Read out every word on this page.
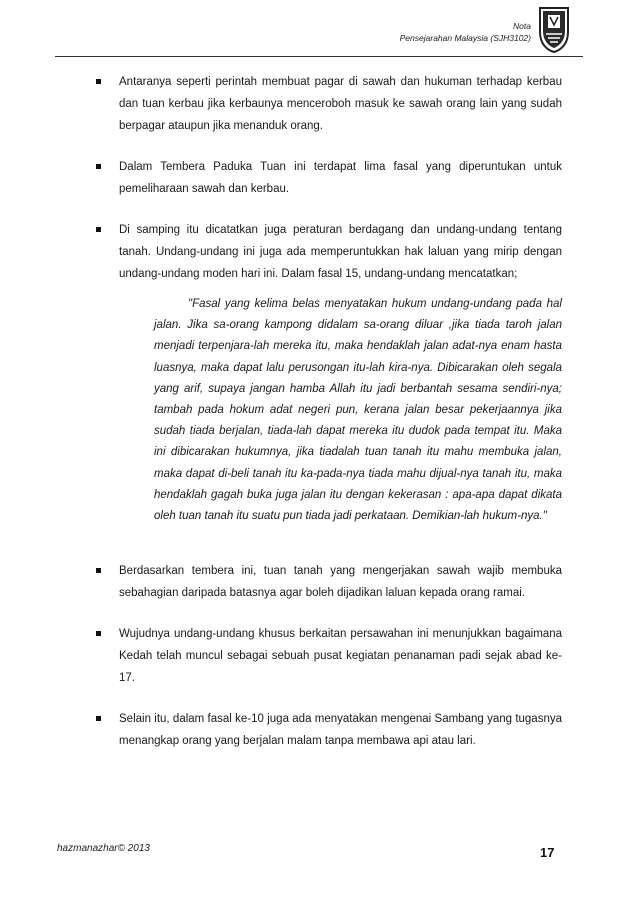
Nota
Pensejarahan Malaysia (SJH3102)
Antaranya seperti perintah membuat pagar di sawah dan hukuman terhadap kerbau dan tuan kerbau jika kerbaunya menceroboh masuk ke sawah orang lain yang sudah berpagar ataupun jika menanduk orang.
Dalam Tembera Paduka Tuan ini terdapat lima fasal yang diperuntukan untuk pemeliharaan sawah dan kerbau.
Di samping itu dicatatkan juga peraturan berdagang dan undang-undang tentang tanah. Undang-undang ini juga ada memperuntukkan hak laluan yang mirip dengan undang-undang moden hari ini. Dalam fasal 15, undang-undang mencatatkan;
"Fasal yang kelima belas menyatakan hukum undang-undang pada hal jalan. Jika sa-orang kampong didalam sa-orang diluar ,jika tiada taroh jalan menjadi terpenjara-lah mereka itu, maka hendaklah jalan adat-nya enam hasta luasnya, maka dapat lalu perusongan itu-lah kira-nya. Dibicarakan oleh segala yang arif, supaya jangan hamba Allah itu jadi berbantah sesama sendiri-nya; tambah pada hokum adat negeri pun, kerana jalan besar pekerjaannya jika sudah tiada berjalan, tiada-lah dapat mereka itu dudok pada tempat itu. Maka ini dibicarakan hukumnya, jika tiadalah tuan tanah itu mahu membuka jalan, maka dapat di-beli tanah itu ka-pada-nya tiada mahu dijual-nya tanah itu, maka hendaklah gagah buka juga jalan itu dengan kekerasan : apa-apa dapat dikata oleh tuan tanah itu suatu pun tiada jadi perkataan. Demikian-lah hukum-nya."
Berdasarkan tembera ini, tuan tanah yang mengerjakan sawah wajib membuka sebahagian daripada batasnya agar boleh dijadikan laluan kepada orang ramai.
Wujudnya undang-undang khusus berkaitan persawahan ini menunjukkan bagaimana Kedah telah muncul sebagai sebuah pusat kegiatan penanaman padi sejak abad ke-17.
Selain itu, dalam fasal ke-10 juga ada menyatakan mengenai Sambang yang tugasnya menangkap orang yang berjalan malam tanpa membawa api atau lari.
hazmanazhar© 2013	17
